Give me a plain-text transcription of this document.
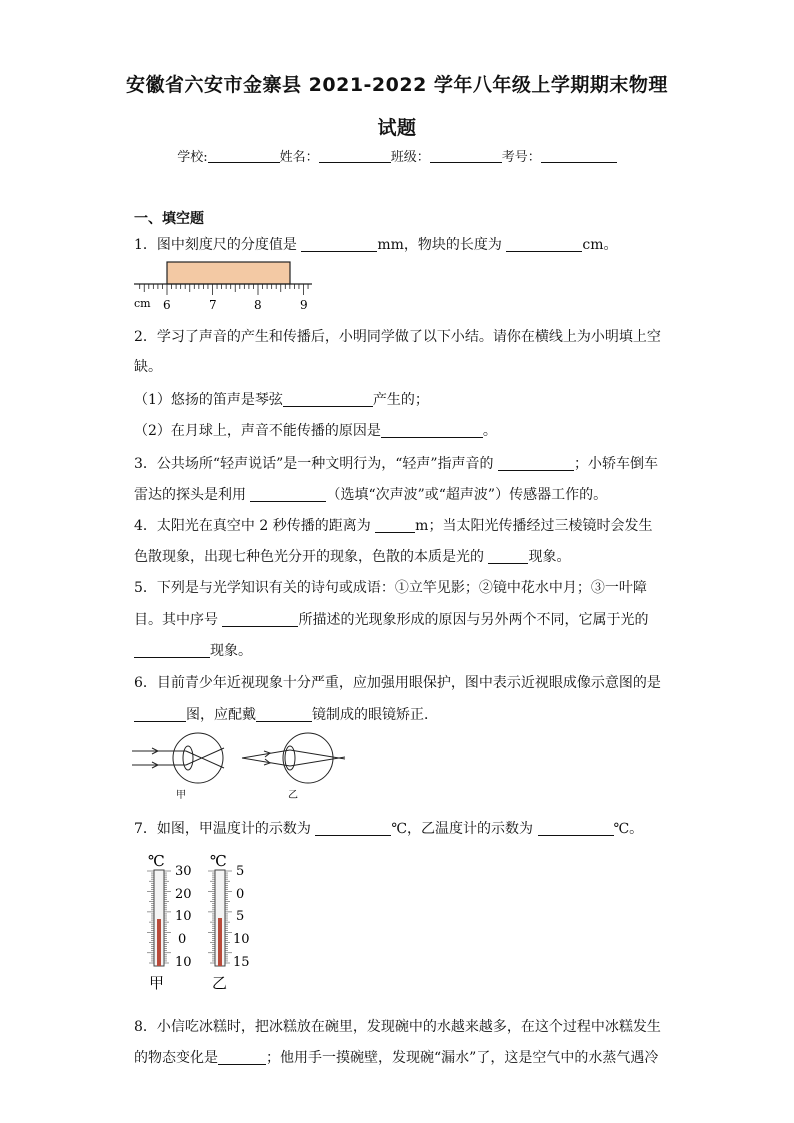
安徽省六安市金寨县 2021-2022 学年八年级上学期期末物理
试题
学校:	姓名：	班级：	考号：
一、填空题
1．图中刻度尺的分度值是	mm，物块的长度为	cm。
cm 6	7	8	9
2．学习了声音的产生和传播后，小明同学做了以下小结。请你在横线上为小明填上空
缺。
（1）悠扬的笛声是琴弦	产生的；
（2）在月球上，声音不能传播的原因是	。
3．公共场所“轻声说话”是一种文明行为，“轻声”指声音的	；小轿车倒车
雷达的探头是利用	（选填“次声波”或“超声波”）传感器工作的。
4．太阳光在真空中 2 秒传播的距离为	m；当太阳光传播经过三棱镜时会发生
色散现象，出现七种色光分开的现象，色散的本质是光的	现象。
5．下列是与光学知识有关的诗句或成语：①立竿见影；②镜中花水中月；③一叶障
目。其中序号	所描述的光现象形成的原因与另外两个不同，它属于光的
现象。
6．目前青少年近视现象十分严重，应加强用眼保护，图中表示近视眼成像示意图的是
图，应配戴	镜制成的眼镜矫正．
甲	乙
7．如图，甲温度计的示数为	℃，乙温度计的示数为	℃。
℃
30
20
10
0
10
甲
℃
5
0
5
10
15
乙
8．小信吃冰糕时，把冰糕放在碗里，发现碗中的水越来越多，在这个过程中冰糕发生
的物态变化是	；他用手一摸碗壁，发现碗“漏水”了，这是空气中的水蒸气遇冷
